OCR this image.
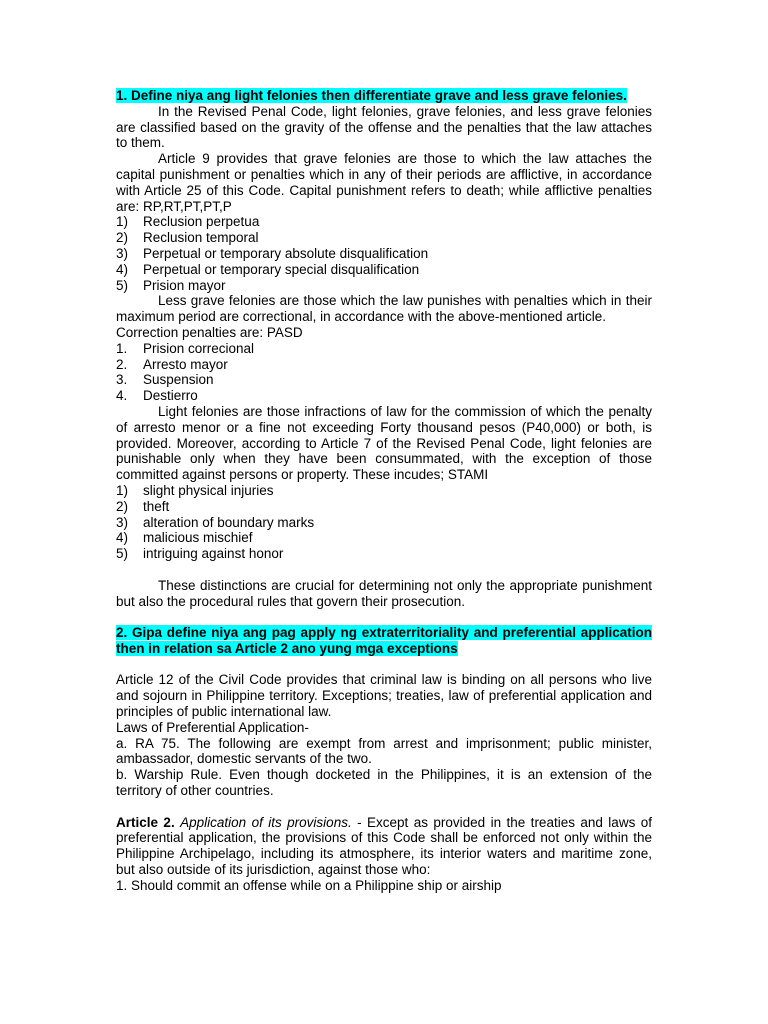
1. Define niya ang light felonies then differentiate grave and less grave felonies.

In the Revised Penal Code, light felonies, grave felonies, and less grave felonies are classified based on the gravity of the offense and the penalties that the law attaches to them.

Article 9 provides that grave felonies are those to which the law attaches the capital punishment or penalties which in any of their periods are afflictive, in accordance with Article 25 of this Code. Capital punishment refers to death; while afflictive penalties are: RP,RT,PT,PT,P

1)	Reclusion perpetua
2)	Reclusion temporal
3)	Perpetual or temporary absolute disqualification
4)	Perpetual or temporary special disqualification
5)	Prision mayor

Less grave felonies are those which the law punishes with penalties which in their maximum period are correctional, in accordance with the above-mentioned article.

Correction penalties are: PASD

1.	Prision correcional
2.	Arresto mayor
3.	Suspension
4.	Destierro

Light felonies are those infractions of law for the commission of which the penalty of arresto menor or a fine not exceeding Forty thousand pesos (P40,000) or both, is provided. Moreover, according to Article 7 of the Revised Penal Code, light felonies are punishable only when they have been consummated, with the exception of those committed against persons or property. These incudes; STAMI

1)	slight physical injuries
2)	theft
3)	alteration of boundary marks
4)	malicious mischief
5)	intriguing against honor

These distinctions are crucial for determining not only the appropriate punishment but also the procedural rules that govern their prosecution.

2. Gipa define niya ang pag apply ng extraterritoriality and preferential application then in relation sa Article 2 ano yung mga exceptions

Article 12 of the Civil Code provides that criminal law is binding on all persons who live and sojourn in Philippine territory. Exceptions; treaties, law of preferential application and principles of public international law.

Laws of Preferential Application-

a. RA 75. The following are exempt from arrest and imprisonment; public minister, ambassador, domestic servants of the two.

b. Warship Rule. Even though docketed in the Philippines, it is an extension of the territory of other countries.

Article 2. Application of its provisions. - Except as provided in the treaties and laws of preferential application, the provisions of this Code shall be enforced not only within the Philippine Archipelago, including its atmosphere, its interior waters and maritime zone, but also outside of its jurisdiction, against those who:

1. Should commit an offense while on a Philippine ship or airship
